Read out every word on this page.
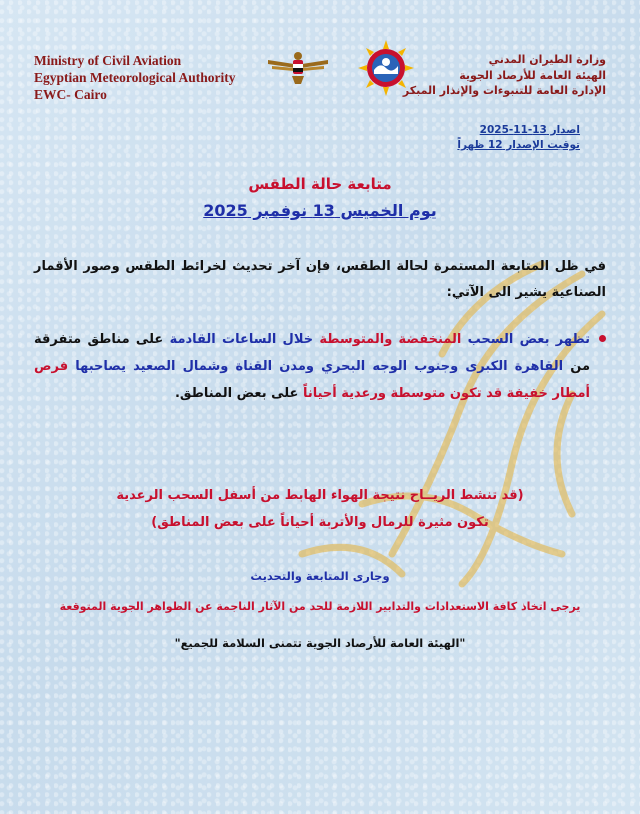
Ministry of Civil Aviation
Egyptian Meteorological Authority
EWC- Cairo
وزارة الطيران المدني
الهيئة العامة للأرصاد الجوية
الإدارة العامة للتنبوءات والإنذار المبكر
اصدار 13-11-2025
توقيت الإصدار 12 ظهراً
متابعة حالة الطقس
يوم الخميس 13 نوفمبر 2025
في ظل المتابعة المستمرة لحالة الطقس، فإن آخر تحديث لخرائط الطقس وصور الأقمار الصناعية يشير الى الآتي:
تظهر بعض السحب المنخفضة والمتوسطة خلال الساعات القادمة على مناطق متفرقة من القاهرة الكبرى وجنوب الوجه البحري ومدن القناة وشمال الصعيد يصاحبها فرص أمطار خفيفة قد تكون متوسطة ورعدية أحياناً على بعض المناطق.
(قد تنشط الريــاح نتيجة الهواء الهابط من أسفل السحب الرعدية
تكون مثيرة للرمال والأتربة أحياناً على بعض المناطق)
وجارى المتابعة والتحديث
يرجى اتخاذ كافة الاستعدادات والتدابير اللازمة للحد من الآثار الناجمة عن الظواهر الجوية المتوقعة
"الهيئة العامة للأرصاد الجوية تتمنى السلامة للجميع"
